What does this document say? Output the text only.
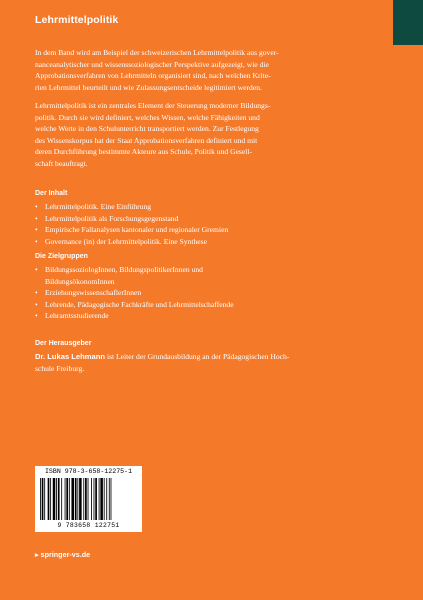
Lehrmittelpolitik

In dem Band wird am Beispiel der schweizerischen Lehrmittelpolitik aus gover-
nanceanalytischer und wissenssoziologischer Perspektive aufgezeigt, wie die
Approbationsverfahren von Lehrmitteln organisiert sind, nach welchen Krite-
rien Lehrmittel beurteilt und wie Zulassungsentscheide legitimiert werden.

Lehrmittelpolitik ist ein zentrales Element der Steuerung moderner Bildungs-
politik. Durch sie wird definiert, welches Wissen, welche Fähigkeiten und
welche Werte in den Schulunterricht transportiert werden. Zur Festlegung
des Wissenskorpus hat der Staat Approbationsverfahren definiert und mit
deren Durchführung bestimmte Akteure aus Schule, Politik und Gesell-
schaft beauftragt.

Der Inhalt
• Lehrmittelpolitik. Eine Einführung
• Lehrmittelpolitik als Forschungsgegenstand
• Empirische Fallanalysen kantonaler und regionaler Gremien
• Governance (in) der Lehrmittelpolitik. Eine Synthese
Die Zielgruppen
• BildungssoziologInnen, BildungspolitikerInnen und
BildungsökonomInnen
• ErziehungswissenschaflerInnen
• Lehrende, Pädagogische Fachkräfte und Lehrmittelschaffende
• Lehramtsstudierende
Der Herausgeber

Dr. Lukas Lehmann ist Leiter der Grundausbildung an der Pädagogischen Hoch-
schule Freiburg.

ISBN 978-3-658-12275-1
9 783658 122751
▸ springer-vs.de
